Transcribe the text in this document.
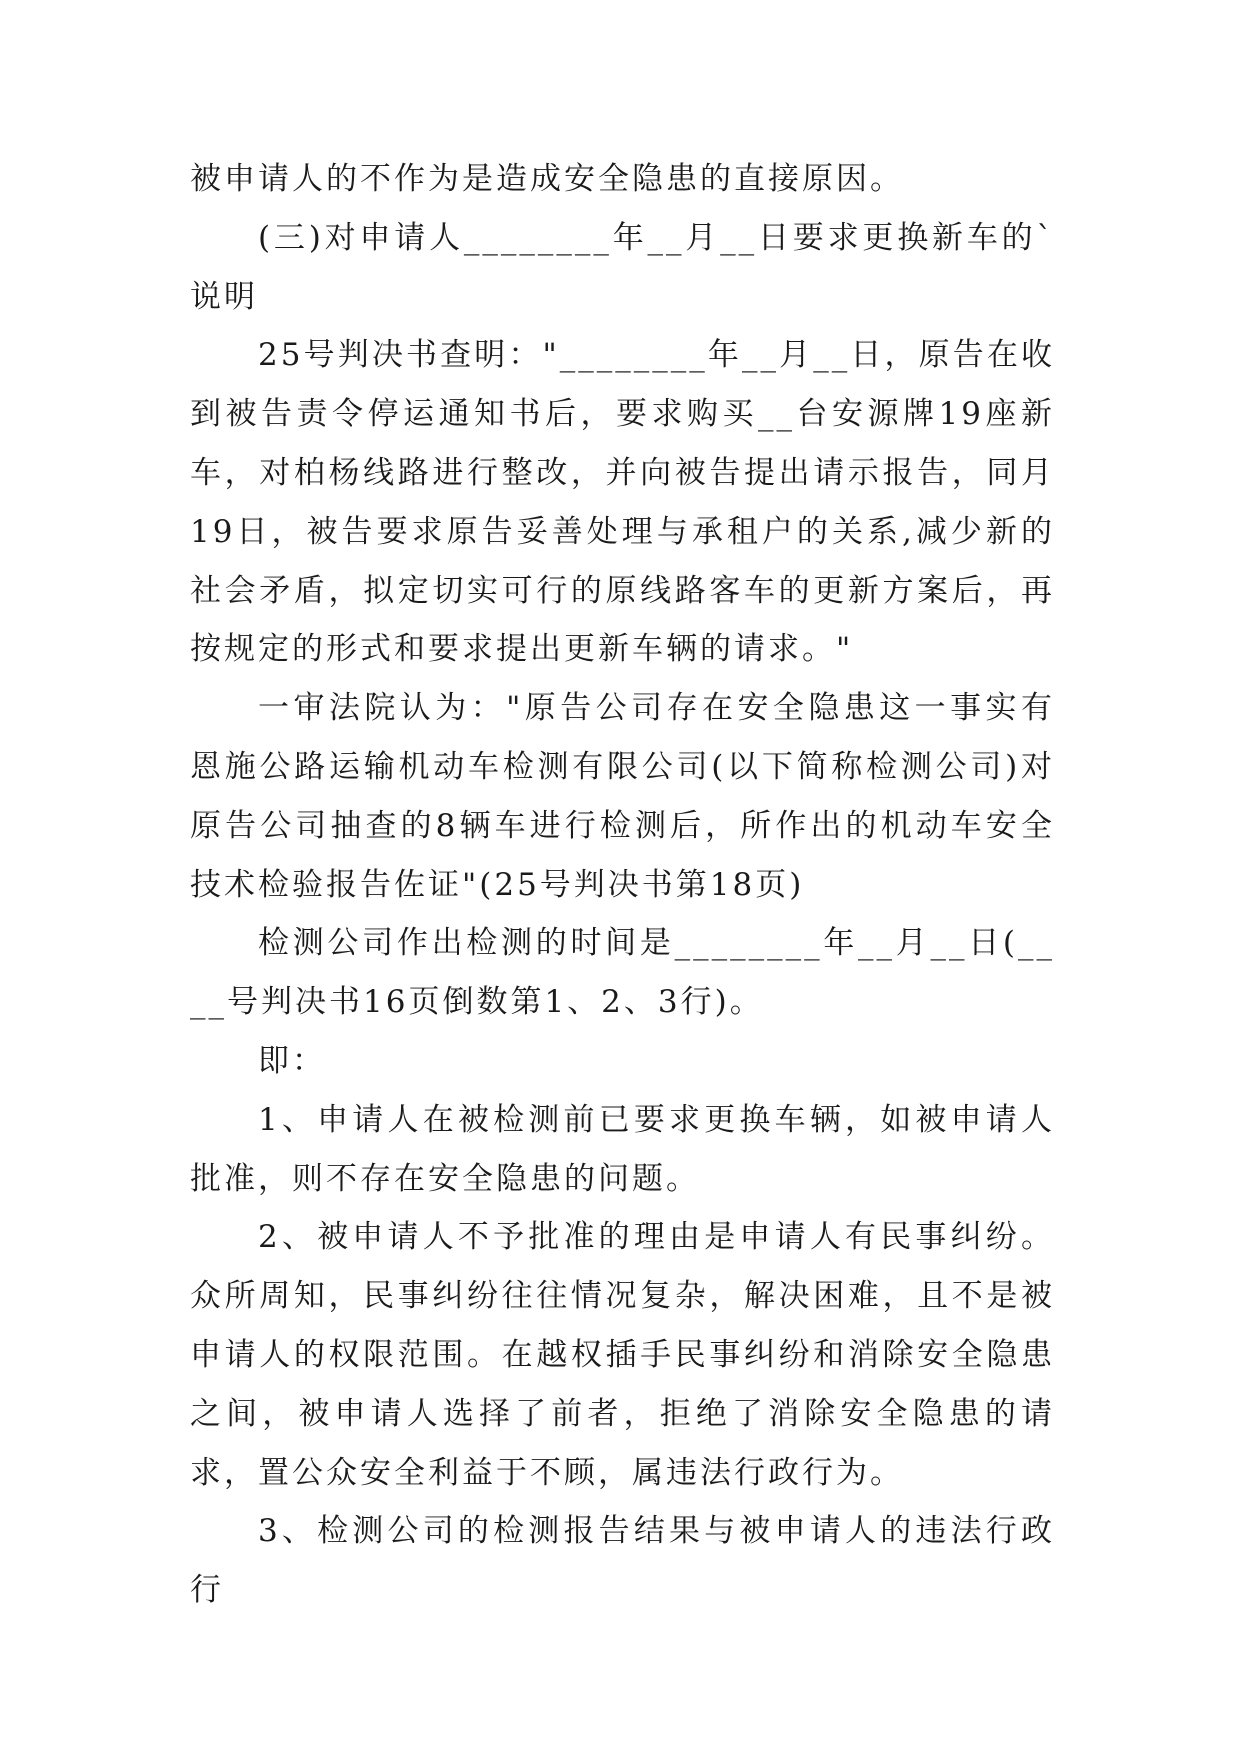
被申请人的不作为是造成安全隐患的直接原因。

(三)对申请人________年__月__日要求更换新车的`说明

25号判决书查明："________年__月__日，原告在收到被告责令停运通知书后，要求购买__台安源牌19座新车，对柏杨线路进行整改，并向被告提出请示报告，同月19日，被告要求原告妥善处理与承租户的关系,减少新的社会矛盾，拟定切实可行的原线路客车的更新方案后，再按规定的形式和要求提出更新车辆的请求。"

一审法院认为："原告公司存在安全隐患这一事实有恩施公路运输机动车检测有限公司(以下简称检测公司)对原告公司抽查的8辆车进行检测后，所作出的机动车安全技术检验报告佐证"(25号判决书第18页)

检测公司作出检测的时间是________年__月__日(____号判决书16页倒数第1、2、3行)。

即：

1、申请人在被检测前已要求更换车辆，如被申请人批准，则不存在安全隐患的问题。

2、被申请人不予批准的理由是申请人有民事纠纷。众所周知，民事纠纷往往情况复杂，解决困难，且不是被申请人的权限范围。在越权插手民事纠纷和消除安全隐患之间，被申请人选择了前者，拒绝了消除安全隐患的请求，置公众安全利益于不顾，属违法行政行为。

3、检测公司的检测报告结果与被申请人的违法行政行
